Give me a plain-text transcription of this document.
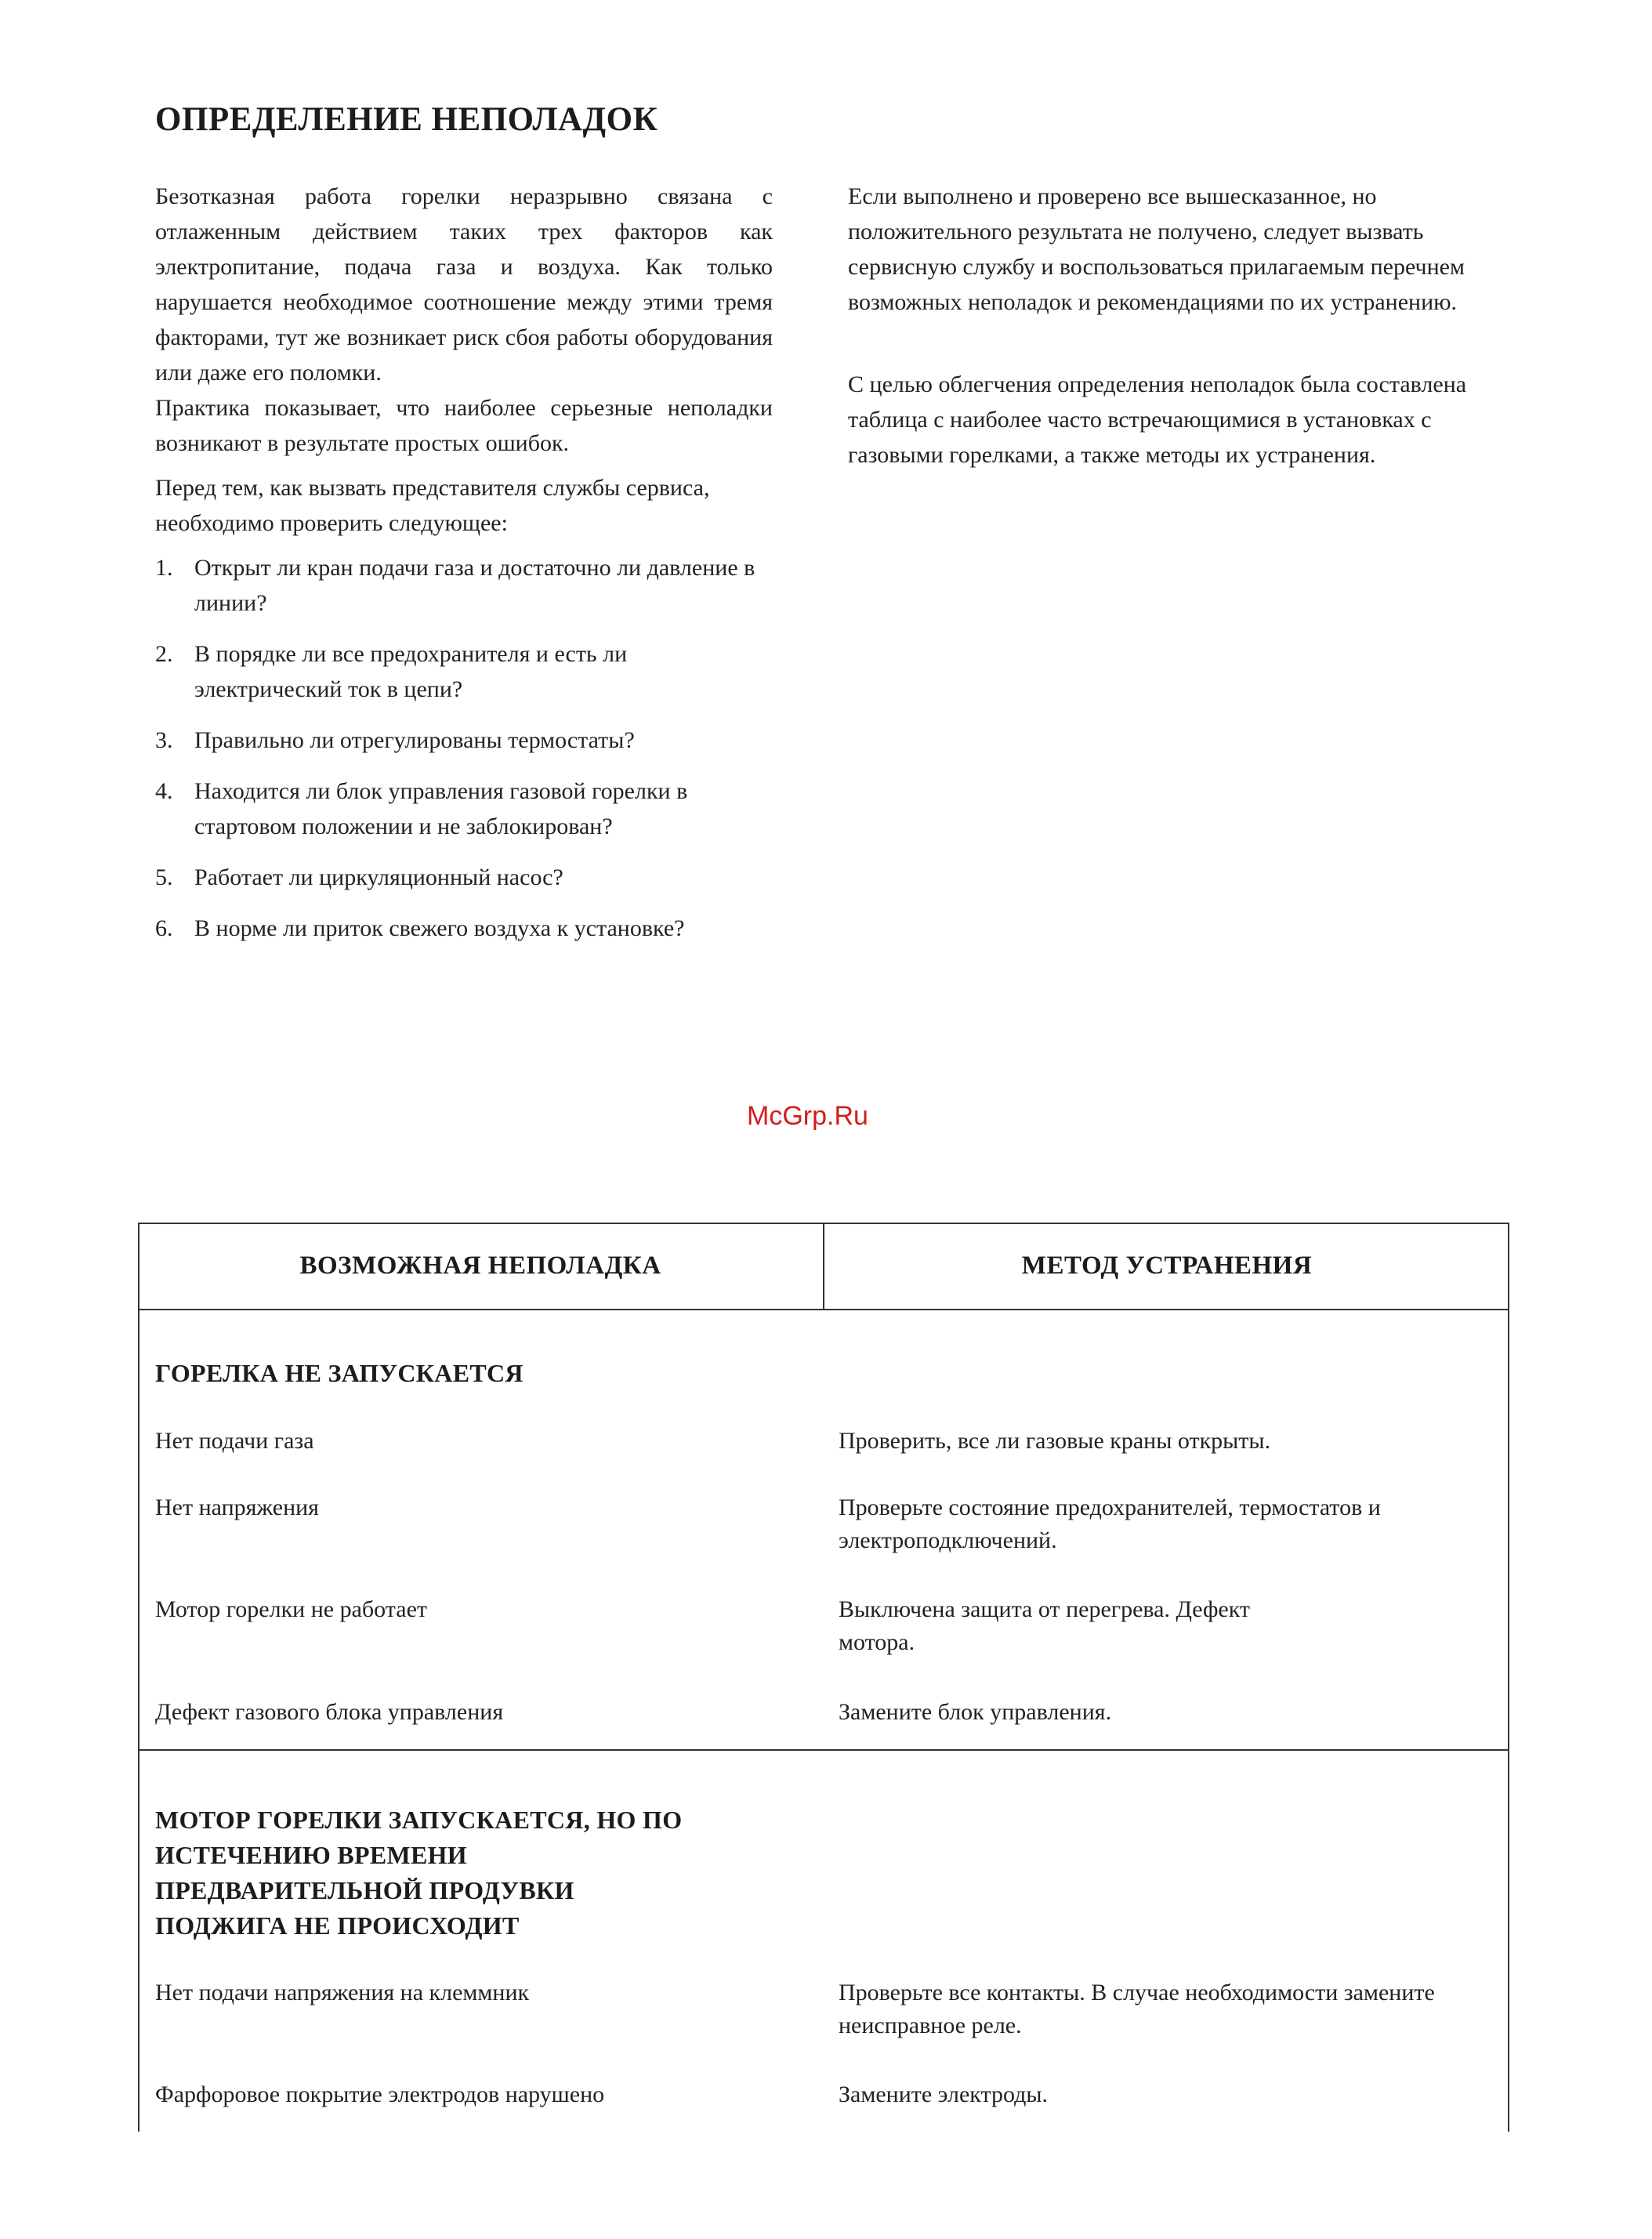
ОПРЕДЕЛЕНИЕ НЕПОЛАДОК

Безотказная работа горелки неразрывно связана с отлаженным действием таких трех факторов как электропитание, подача газа и воздуха. Как только нарушается необходимое соотношение между этими тремя факторами, тут же возникает риск сбоя работы оборудования или даже его поломки.

Практика показывает, что наиболее серьезные неполадки возникают в результате простых ошибок.

Перед тем, как вызвать представителя службы сервиса, необходимо проверить следующее:

1. Открыт ли кран подачи газа и достаточно ли давление в линии?
2. В порядке ли все предохранителя и есть ли электрический ток в цепи?
3. Правильно ли отрегулированы термостаты?
4. Находится ли блок управления газовой горелки в стартовом положении и не заблокирован?
5. Работает ли циркуляционный насос?
6. В норме ли приток свежего воздуха к установке?

Если выполнено и проверено все вышесказанное, но положительного результата не получено, следует вызвать сервисную службу и воспользоваться прилагаемым перечнем возможных неполадок и рекомендациями по их устранению.

С целью облегчения определения неполадок была составлена таблица с наиболее часто встречающимися в установках с газовыми горелками, а также методы их устранения.

McGrp.Ru
ВОЗМОЖНАЯ НЕПОЛАДКА	МЕТОД УСТРАНЕНИЯ
ГОРЕЛКА НЕ ЗАПУСКАЕТСЯ
Нет подачи газа	Проверить, все ли газовые краны открыты.
Нет напряжения	Проверьте состояние предохранителей, термостатов и электроподключений.
Мотор горелки не работает	Выключена защита от перегрева. Дефект мотора.
Дефект газового блока управления	Замените блок управления.
МОТОР ГОРЕЛКИ ЗАПУСКАЕТСЯ, НО ПО ИСТЕЧЕНИЮ ВРЕМЕНИ ПРЕДВАРИТЕЛЬНОЙ ПРОДУВКИ ПОДЖИГА НЕ ПРОИСХОДИТ
Нет подачи напряжения на клеммник	Проверьте все контакты. В случае необходимости замените неисправное реле.
Фарфоровое покрытие электродов нарушено	Замените электроды.
